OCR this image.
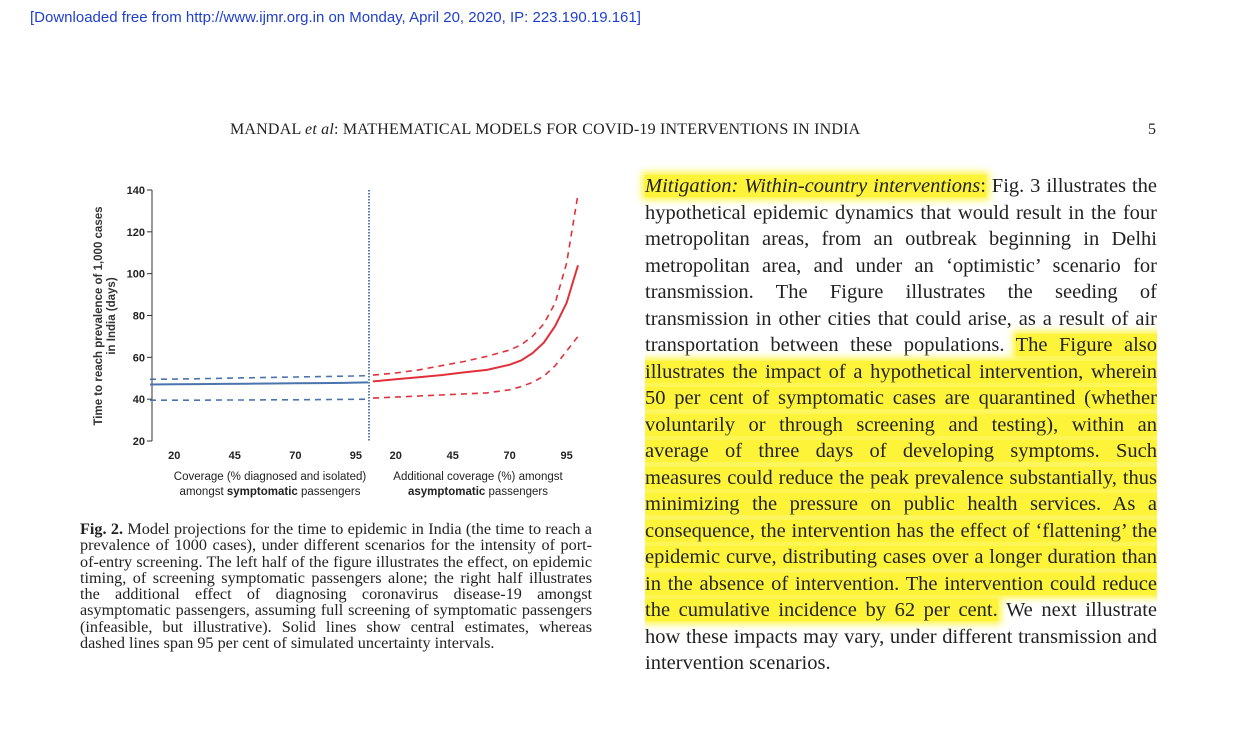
[Downloaded free from http://www.ijmr.org.in on Monday, April 20, 2020, IP: 223.190.19.161]
MANDAL et al: MATHEMATICAL MODELS FOR COVID-19 INTERVENTIONS IN INDIA	5
Time to reach prevalence of 1,000 cases in India (days)
20
40
60
80
100
120
140
20	45	70	95	20	45	70	95
Coverage (% diagnosed and isolated)
amongst symptomatic passengers
Additional coverage (%) amongst
asymptomatic passengers
Fig. 2. Model projections for the time to epidemic in India (the time to reach a prevalence of 1000 cases), under different scenarios for the intensity of port-of-entry screening. The left half of the figure illustrates the effect, on epidemic timing, of screening symptomatic passengers alone; the right half illustrates the additional effect of diagnosing coronavirus disease-19 amongst asymptomatic passengers, assuming full screening of symptomatic passengers (infeasible, but illustrative). Solid lines show central estimates, whereas dashed lines span 95 per cent of simulated uncertainty intervals.
Mitigation: Within-country interventions: Fig. 3 illustrates the hypothetical epidemic dynamics that would result in the four metropolitan areas, from an outbreak beginning in Delhi metropolitan area, and under an ‘optimistic’ scenario for transmission. The Figure illustrates the seeding of transmission in other cities that could arise, as a result of air transportation between these populations. The Figure also illustrates the impact of a hypothetical intervention, wherein 50 per cent of symptomatic cases are quarantined (whether voluntarily or through screening and testing), within an average of three days of developing symptoms. Such measures could reduce the peak prevalence substantially, thus minimizing the pressure on public health services. As a consequence, the intervention has the effect of ‘flattening’ the epidemic curve, distributing cases over a longer duration than in the absence of intervention. The intervention could reduce the cumulative incidence by 62 per cent. We next illustrate how these impacts may vary, under different transmission and intervention scenarios.
